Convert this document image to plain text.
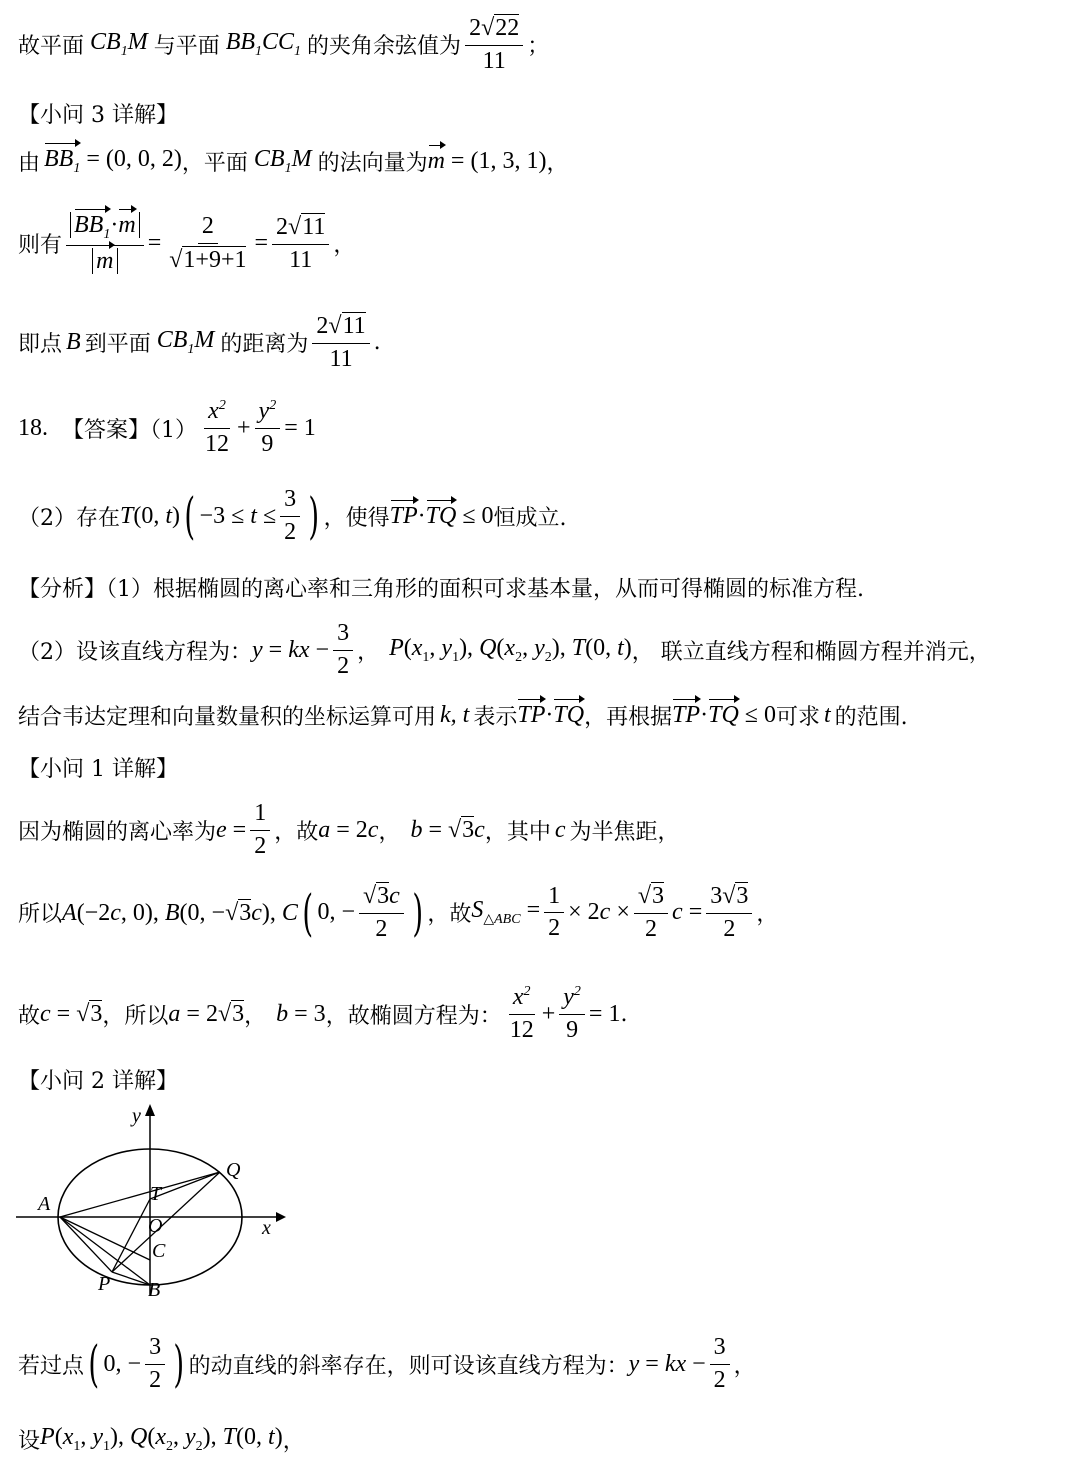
故平面 $CB_1M$ 与平面 $BB_1CC_1$ 的夹角余弦值为 $\frac{2√22}{11}$ ；
【小问 3 详解】
由 $BB_1 = (0$, 0, 2) ，平面 $CB_1M$ 的法向量为 m = (1, 3, 1) ，
则有 $\frac{BB_1\cdot m}{m} = \frac{2}{√1+9+1} = \frac{2√11}{11}$ ，
即点 B 到平面 $CB_1M$ 的距离为 $\frac{2√11}{11}$ .
18. 【答案】$(1) \frac{x^2}{12} + \frac{y^2}{9} = 1$
（2）存在 T(0, t) ( $-3 \le t \le \frac{3}{2}$ ) ，使得 TP·TQ ≤ 0 恒成立.
【分析】（1）根据椭圆的离心率和三角形的面积可求基本量，从而可得椭圆的标准方程.
（2）设该直线方程为： y = kx − $\frac{3}{2}$ ， $P(x_1$, $y_1$), $Q(x_2$, $y_2$), T(0, t) ， 联立直线方程和椭圆方程并消元，
结合韦达定理和向量数量积的坐标运算可用 k, t 表示 TP·TQ ，再根据 TP·TQ ≤ 0 可求 t 的范围.
【小问 1 详解】
因为椭圆的离心率为 $e = \frac{1}{2}$ ，故 a = 2c ， b = √3c ，其中 c 为半焦距，
所以 A(−2c, 0), B(0, −√3c), C ( 0, − $\frac{√3c}{2}$ ) ，故 $S_{\triangle ABC} = \frac{1}{2} \times 2c \times \frac{√3}{2}$ $c = \frac{3√3}{2}$ ，
故 c = √3 ，所以 a = 2√3 ， b = 3 ，故椭圆方程为： $\frac{x^2}{12} + \frac{y^2}{9} = 1$ .
【小问 2 详解】
y
x
A
Q
T
O
C
P B
若过点 ( 0, − $\frac{3}{2}$ ) 的动直线的斜率存在，则可设该直线方程为： y = kx − $\frac{3}{2}$ ，
设 $P(x_1$, $y_1$), $Q(x_2$, $y_2$), T(0, t) ，
